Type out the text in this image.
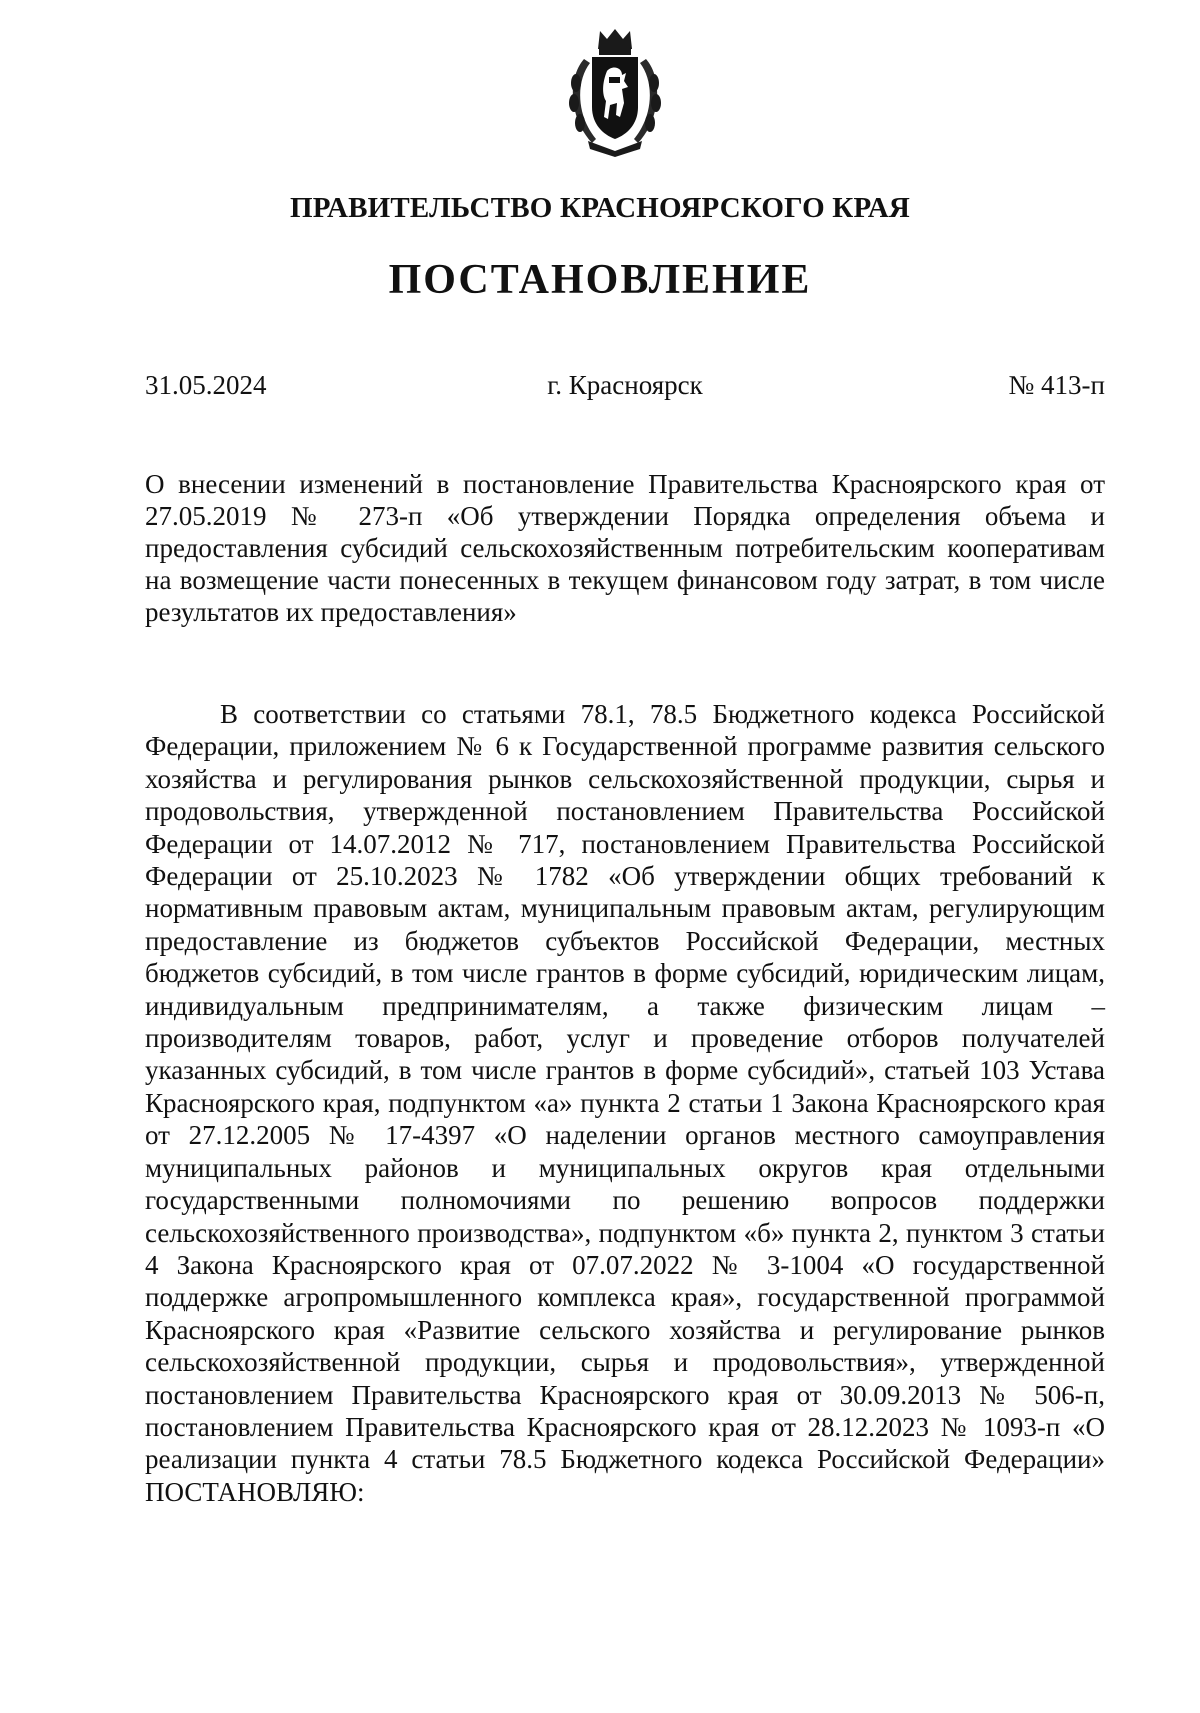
ПРАВИТЕЛЬСТВО КРАСНОЯРСКОГО КРАЯ
ПОСТАНОВЛЕНИЕ
31.05.2024	г. Красноярск	№ 413-п
О внесении изменений в постановление Правительства Красноярского края от 27.05.2019 № 273-п «Об утверждении Порядка определения объема и предоставления субсидий сельскохозяйственным потребительским кооперативам на возмещение части понесенных в текущем финансовом году затрат, в том числе результатов их предоставления»
В соответствии со статьями 78.1, 78.5 Бюджетного кодекса Российской Федерации, приложением № 6 к Государственной программе развития сельского хозяйства и регулирования рынков сельскохозяйственной продукции, сырья и продовольствия, утвержденной постановлением Правительства Российской Федерации от 14.07.2012 № 717, постановлением Правительства Российской Федерации от 25.10.2023 № 1782 «Об утверждении общих требований к нормативным правовым актам, муниципальным правовым актам, регулирующим предоставление из бюджетов субъектов Российской Федерации, местных бюджетов субсидий, в том числе грантов в форме субсидий, юридическим лицам, индивидуальным предпринимателям, а также физическим лицам – производителям товаров, работ, услуг и проведение отборов получателей указанных субсидий, в том числе грантов в форме субсидий», статьей 103 Устава Красноярского края, подпунктом «а» пункта 2 статьи 1 Закона Красноярского края от 27.12.2005 № 17-4397 «О наделении органов местного самоуправления муниципальных районов и муниципальных округов края отдельными государственными полномочиями по решению вопросов поддержки сельскохозяйственного производства», подпунктом «б» пункта 2, пунктом 3 статьи 4 Закона Красноярского края от 07.07.2022 № 3-1004 «О государственной поддержке агропромышленного комплекса края», государственной программой Красноярского края «Развитие сельского хозяйства и регулирование рынков сельскохозяйственной продукции, сырья и продовольствия», утвержденной постановлением Правительства Красноярского края от 30.09.2013 № 506-п, постановлением Правительства Красноярского края от 28.12.2023 № 1093-п «О реализации пункта 4 статьи 78.5 Бюджетного кодекса Российской Федерации» ПОСТАНОВЛЯЮ:
